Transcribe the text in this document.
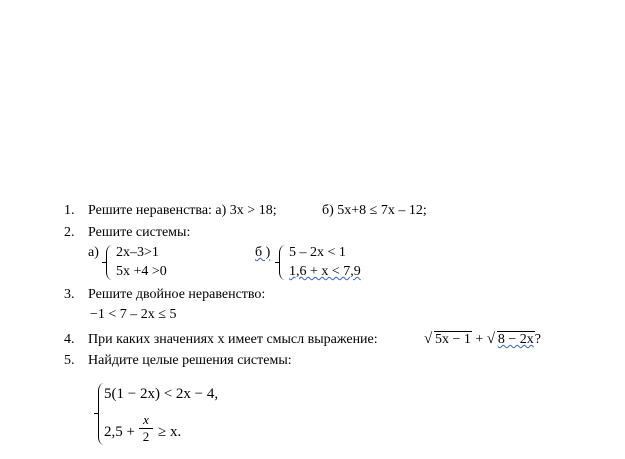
1. Решите неравенства: а) 3x > 18;	б) 5x+8 ≤ 7x – 12;
2. Решите системы:
а) 2x–3>1
5x +4 >0
б ) 5 – 2x < 1
1,6 + x < 7,9
3. Решите двойное неравенство:
−1 < 7 – 2x ≤ 5
4. При каких значениях х имеет смысл выражение:	√ 5x − 1 + √ 8 − 2x?
5. Найдите целые решения системы:
5(1 − 2x) < 2x − 4,
2,5 +
x
2 ≥ x.
